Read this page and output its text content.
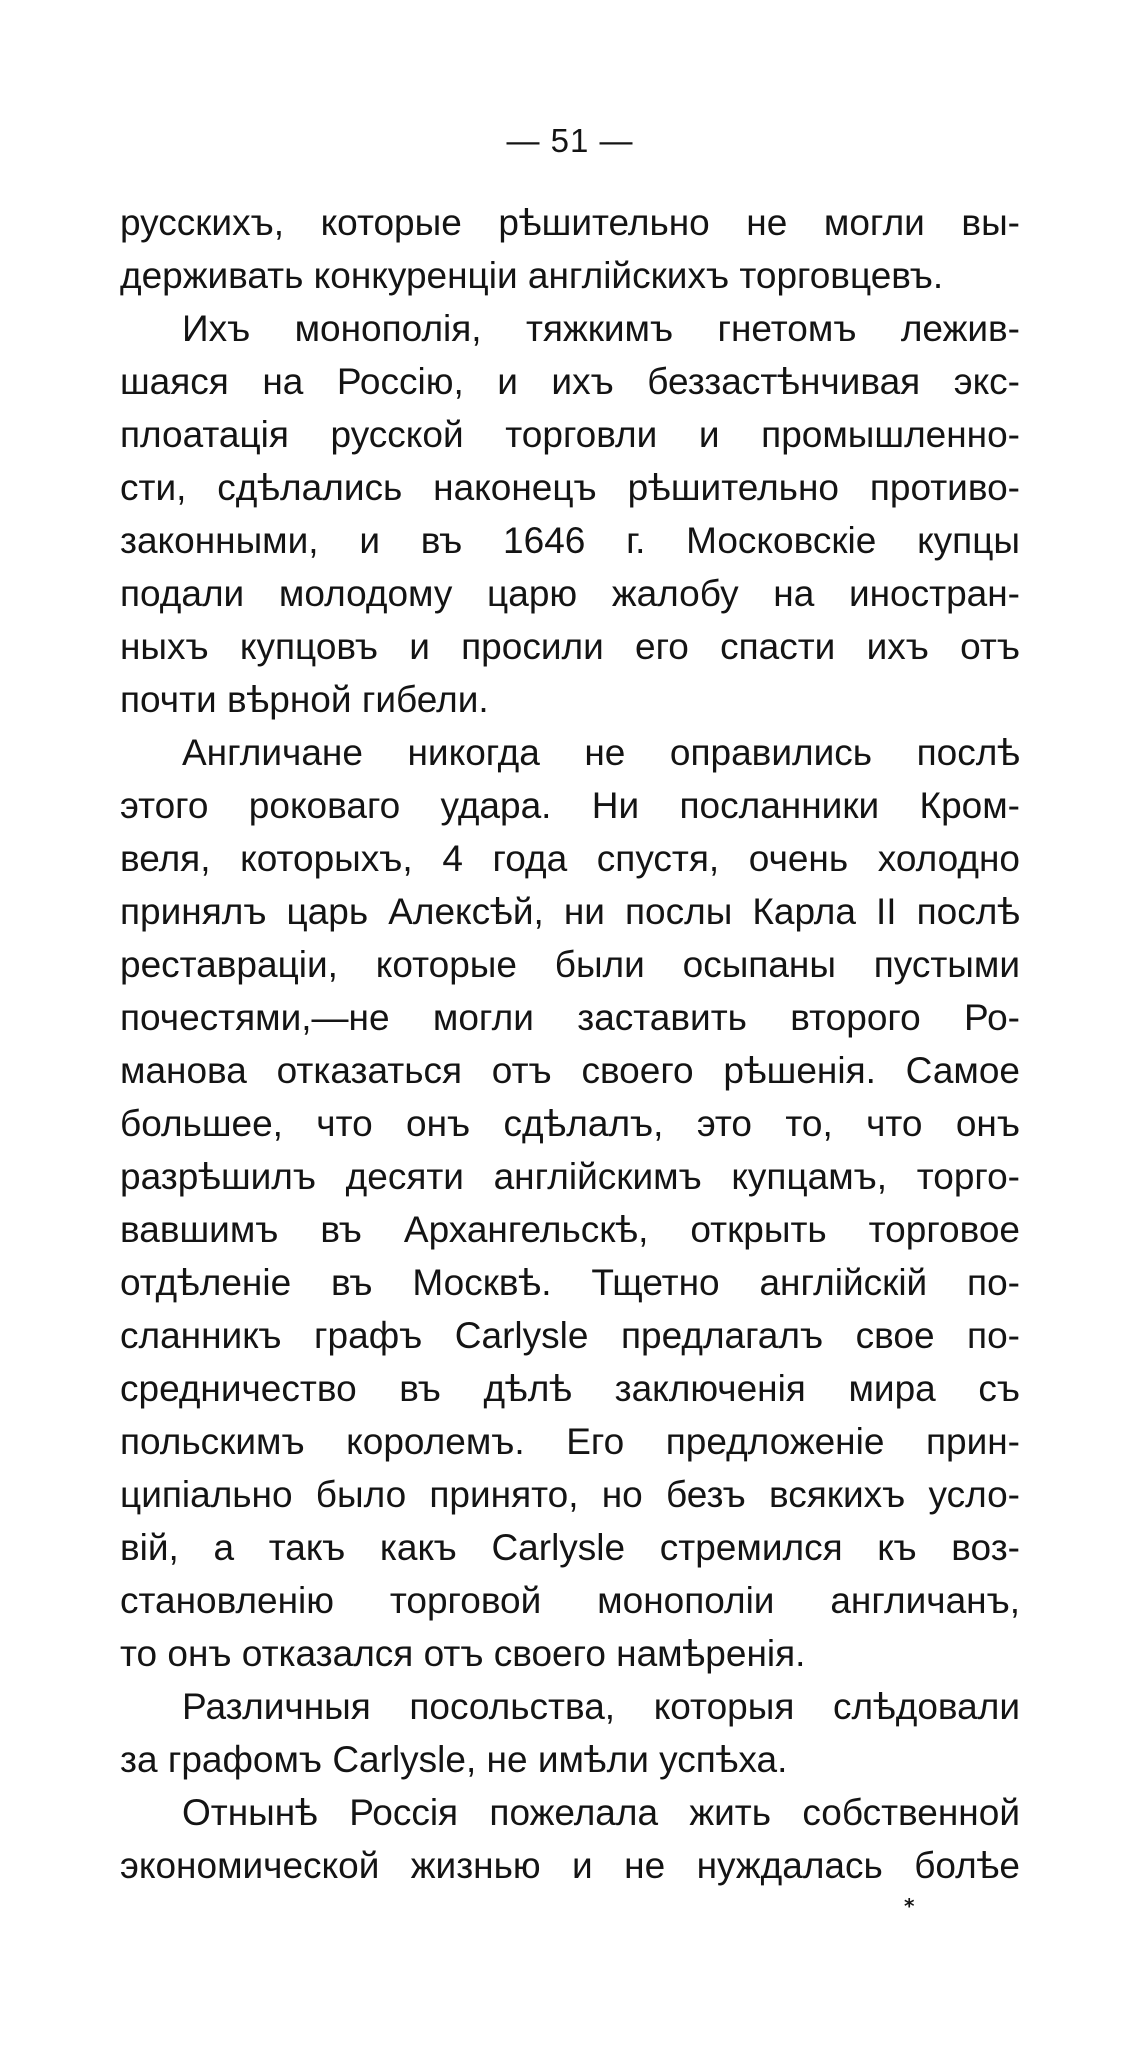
— 51 —
русскихъ, которые рѣшительно не могли вы-
держивать конкуренціи англійскихъ торговцевъ.
Ихъ монополія, тяжкимъ гнетомъ лежив-
шаяся на Россію, и ихъ беззастѣнчивая экс-
плоатація русской торговли и промышленно-
сти, сдѣлались наконецъ рѣшительно противо-
законными, и въ 1646 г. Московскіе купцы
подали молодому царю жалобу на иностран-
ныхъ купцовъ и просили его спасти ихъ отъ
почти вѣрной гибели.
Англичане никогда не оправились послѣ
этого роковаго удара. Ни посланники Кром-
веля, которыхъ, 4 года спустя, очень холодно
принялъ царь Алексѣй, ни послы Карла II послѣ
реставраціи, которые были осыпаны пустыми
почестями,—не могли заставить второго Ро-
манова отказаться отъ своего рѣшенія. Самое
большее, что онъ сдѣлалъ, это то, что онъ
разрѣшилъ десяти англійскимъ купцамъ, торго-
вавшимъ въ Архангельскѣ, открыть торговое
отдѣленіе въ Москвѣ. Тщетно англійскій по-
сланникъ графъ Carlysle предлагалъ свое по-
средничество въ дѣлѣ заключенія мира съ
польскимъ королемъ. Его предложеніе прин-
ципіально было принято, но безъ всякихъ усло-
вій, а такъ какъ Carlysle стремился къ воз-
становленію торговой монополіи англичанъ,
то онъ отказался отъ своего намѣренія.
Различныя посольства, которыя слѣдовали
за графомъ Carlysle, не имѣли успѣха.
Отнынѣ Россія пожелала жить собственной
экономической жизнью и не нуждалась болѣе
*
